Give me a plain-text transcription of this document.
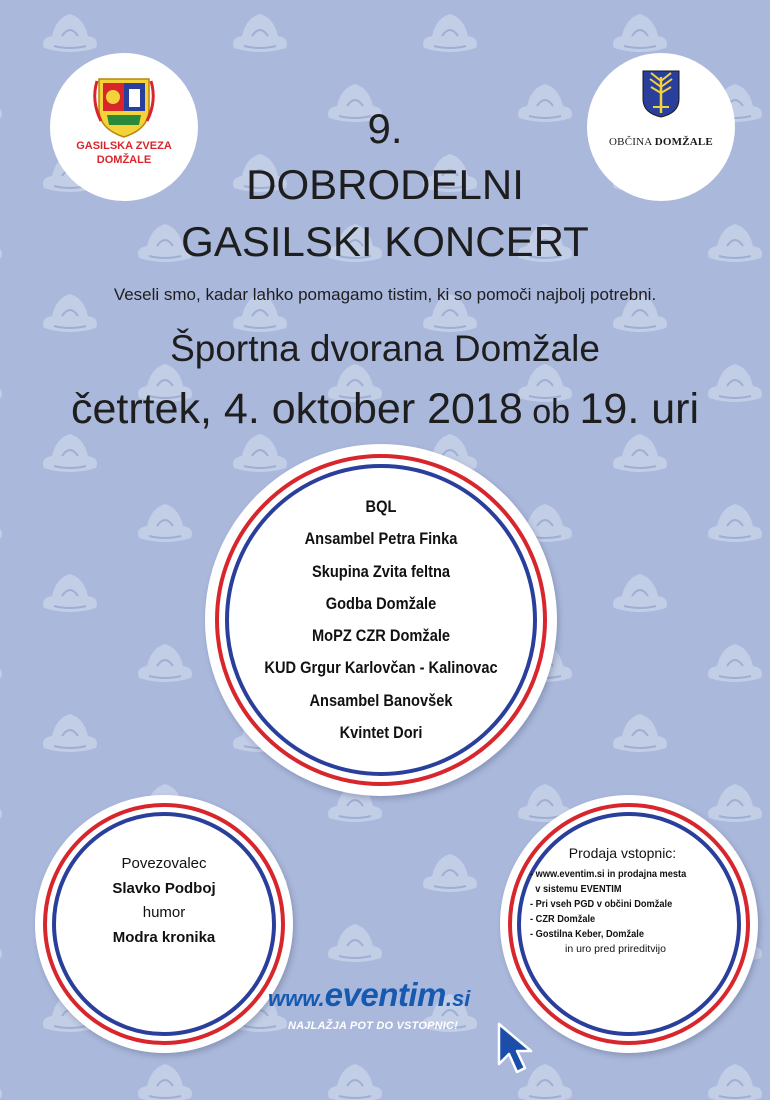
GASILSKA ZVEZA
DOMŽALE
OBČINA DOMŽALE
9.
DOBRODELNI
GASILSKI KONCERT
Veseli smo, kadar lahko pomagamo tistim, ki so pomoči najbolj potrebni.
Športna dvorana Domžale
četrtek, 4. oktober 2018 ob 19. uri
BQL
Ansambel Petra Finka
Skupina Zvita feltna
Godba Domžale
MoPZ CZR Domžale
KUD Grgur Karlovčan - Kalinovac
Ansambel Banovšek
Kvintet Dori
Povezovalec
Slavko Podboj
humor
Modra kronika
Prodaja vstopnic:
- www.eventim.si in prodajna mesta
v sistemu EVENTIM
- Pri vseh PGD v občini Domžale
- CZR Domžale
- Gostilna Keber, Domžale
in uro pred prireditvijo
www.eventim.si
NAJLAŽJA POT DO VSTOPNIC!
